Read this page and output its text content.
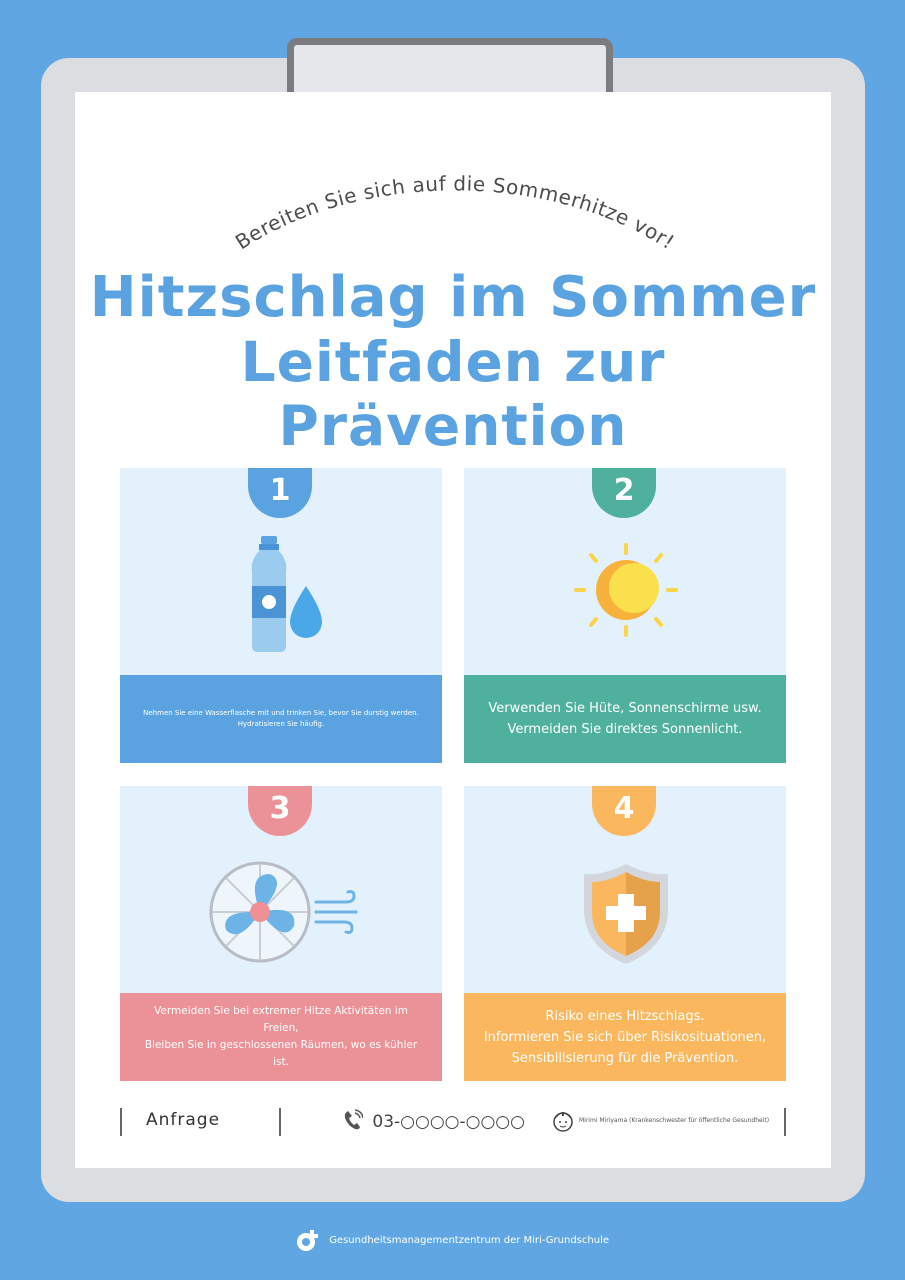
Bereiten Sie sich auf die Sommerhitze vor!
Hitzschlag im Sommer
Leitfaden zur Prävention
1
Nehmen Sie eine Wasserflasche mit und trinken Sie, bevor Sie durstig werden.
Hydratisieren Sie häufig.
2
Verwenden Sie Hüte, Sonnenschirme usw.
Vermeiden Sie direktes Sonnenlicht.
3
Vermeiden Sie bei extremer Hitze Aktivitäten im Freien,
Bleiben Sie in geschlossenen Räumen, wo es kühler ist.
4
Risiko eines Hitzschlags.
Informieren Sie sich über Risikosituationen,
Sensibilisierung für die Prävention.
Anfrage	03-○○○○-○○○○	Mirimi Miriyama (Krankenschwester für öffentliche Gesundheit)
Gesundheitsmanagementzentrum der Miri-Grundschule
